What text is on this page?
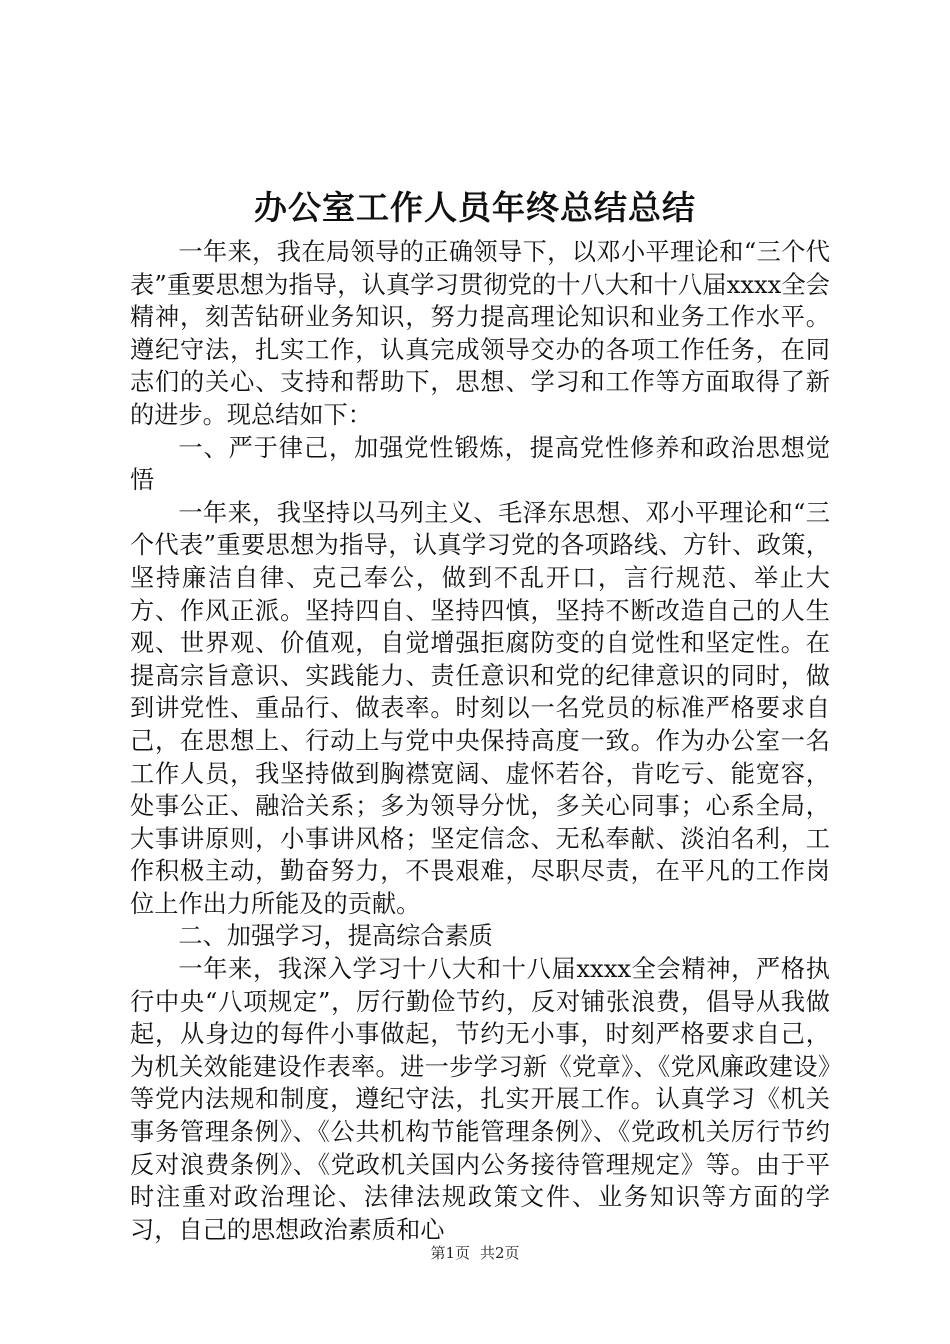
办公室工作人员年终总结总结

一年来，我在局领导的正确领导下，以邓小平理论和“三个代表”重要思想为指导，认真学习贯彻党的十八大和十八届xxxx全会精神，刻苦钻研业务知识，努力提高理论知识和业务工作水平。遵纪守法，扎实工作，认真完成领导交办的各项工作任务，在同志们的关心、支持和帮助下，思想、学习和工作等方面取得了新的进步。现总结如下：

一、严于律己，加强党性锻炼，提高党性修养和政治思想觉悟

一年来，我坚持以马列主义、毛泽东思想、邓小平理论和“三个代表”重要思想为指导，认真学习党的各项路线、方针、政策，坚持廉洁自律、克己奉公，做到不乱开口，言行规范、举止大方、作风正派。坚持四自、坚持四慎，坚持不断改造自己的人生观、世界观、价值观，自觉增强拒腐防变的自觉性和坚定性。在提高宗旨意识、实践能力、责任意识和党的纪律意识的同时，做到讲党性、重品行、做表率。时刻以一名党员的标准严格要求自己，在思想上、行动上与党中央保持高度一致。作为办公室一名工作人员，我坚持做到胸襟宽阔、虚怀若谷，肯吃亏、能宽容，处事公正、融洽关系；多为领导分忧，多关心同事；心系全局，大事讲原则，小事讲风格；坚定信念、无私奉献、淡泊名利，工作积极主动，勤奋努力，不畏艰难，尽职尽责，在平凡的工作岗位上作出力所能及的贡献。

二、加强学习，提高综合素质

一年来，我深入学习十八大和十八届xxxx全会精神，严格执行中央“八项规定”，厉行勤俭节约，反对铺张浪费，倡导从我做起，从身边的每件小事做起，节约无小事，时刻严格要求自己，为机关效能建设作表率。进一步学习新《党章》、《党风廉政建设》等党内法规和制度，遵纪守法，扎实开展工作。认真学习《机关事务管理条例》、《公共机构节能管理条例》、《党政机关厉行节约反对浪费条例》、《党政机关国内公务接待管理规定》等。由于平时注重对政治理论、法律法规政策文件、业务知识等方面的学习，自己的思想政治素质和心

第1页 共2页
